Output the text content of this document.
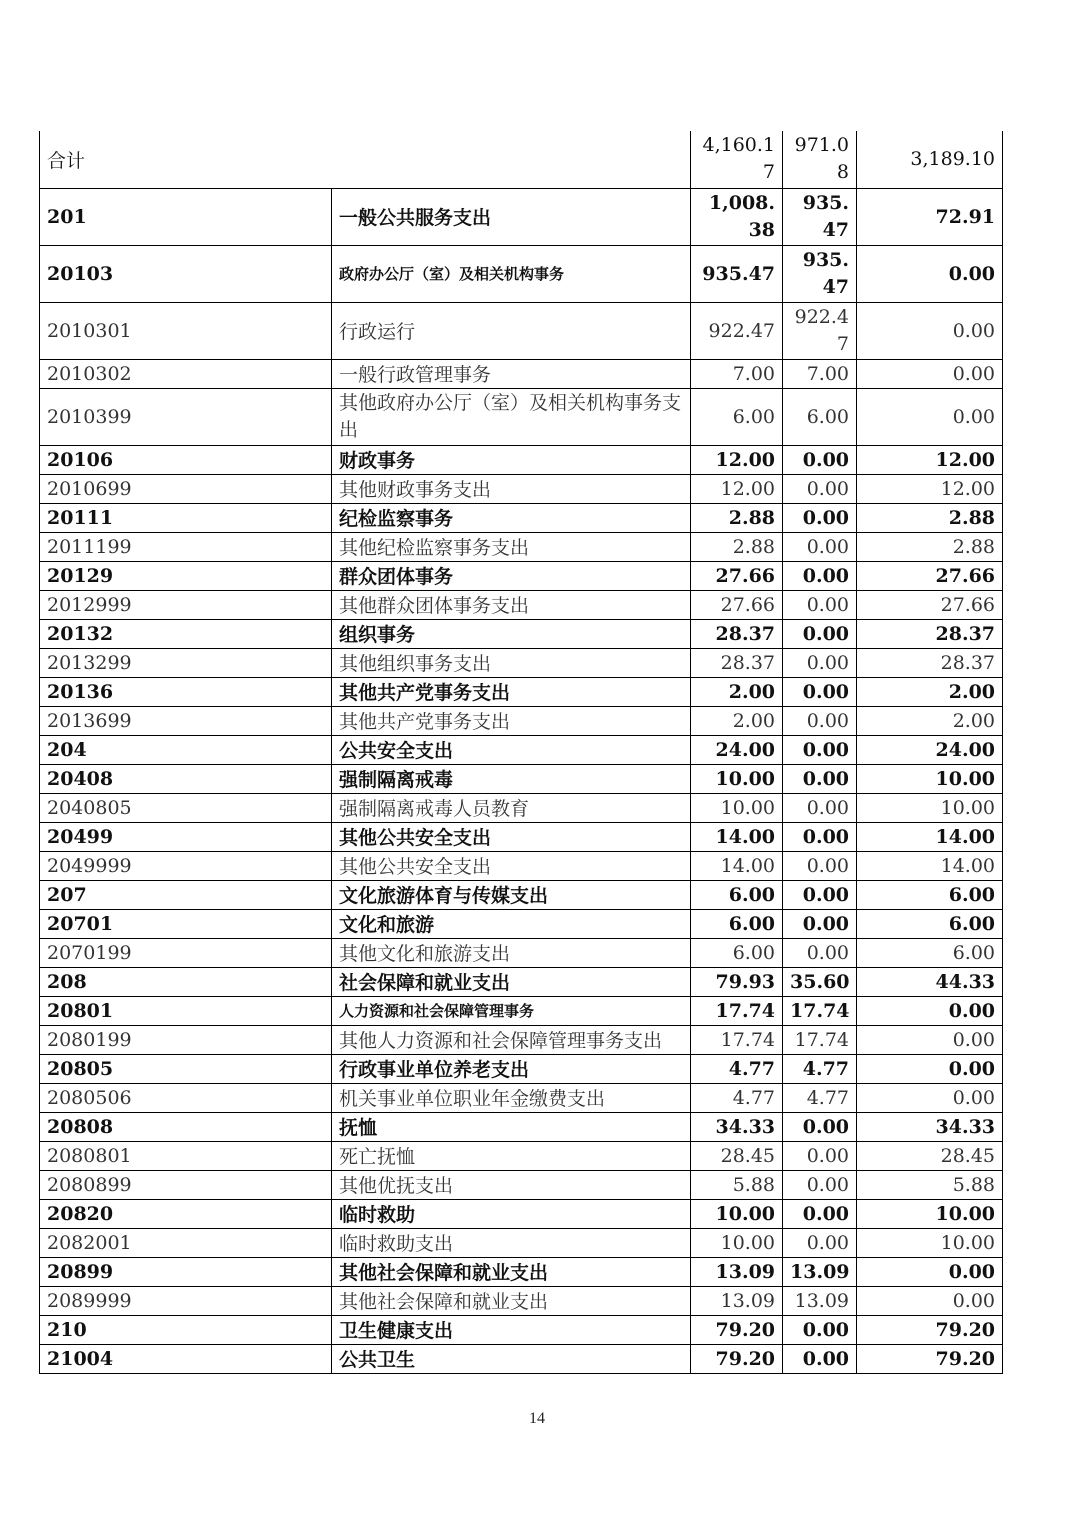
合计		4,160.17	971.08	3,189.10
201	一般公共服务支出	1,008.38	935.47	72.91
20103	政府办公厅（室）及相关机构事务	935.47	935.47	0.00
2010301	行政运行	922.47	922.47	0.00
2010302	一般行政管理事务	7.00	7.00	0.00
2010399	其他政府办公厅（室）及相关机构事务支出	6.00	6.00	0.00
20106	财政事务	12.00	0.00	12.00
2010699	其他财政事务支出	12.00	0.00	12.00
20111	纪检监察事务	2.88	0.00	2.88
2011199	其他纪检监察事务支出	2.88	0.00	2.88
20129	群众团体事务	27.66	0.00	27.66
2012999	其他群众团体事务支出	27.66	0.00	27.66
20132	组织事务	28.37	0.00	28.37
2013299	其他组织事务支出	28.37	0.00	28.37
20136	其他共产党事务支出	2.00	0.00	2.00
2013699	其他共产党事务支出	2.00	0.00	2.00
204	公共安全支出	24.00	0.00	24.00
20408	强制隔离戒毒	10.00	0.00	10.00
2040805	强制隔离戒毒人员教育	10.00	0.00	10.00
20499	其他公共安全支出	14.00	0.00	14.00
2049999	其他公共安全支出	14.00	0.00	14.00
207	文化旅游体育与传媒支出	6.00	0.00	6.00
20701	文化和旅游	6.00	0.00	6.00
2070199	其他文化和旅游支出	6.00	0.00	6.00
208	社会保障和就业支出	79.93	35.60	44.33
20801	人力资源和社会保障管理事务	17.74	17.74	0.00
2080199	其他人力资源和社会保障管理事务支出	17.74	17.74	0.00
20805	行政事业单位养老支出	4.77	4.77	0.00
2080506	机关事业单位职业年金缴费支出	4.77	4.77	0.00
20808	抚恤	34.33	0.00	34.33
2080801	死亡抚恤	28.45	0.00	28.45
2080899	其他优抚支出	5.88	0.00	5.88
20820	临时救助	10.00	0.00	10.00
2082001	临时救助支出	10.00	0.00	10.00
20899	其他社会保障和就业支出	13.09	13.09	0.00
2089999	其他社会保障和就业支出	13.09	13.09	0.00
210	卫生健康支出	79.20	0.00	79.20
21004	公共卫生	79.20	0.00	79.20
14
